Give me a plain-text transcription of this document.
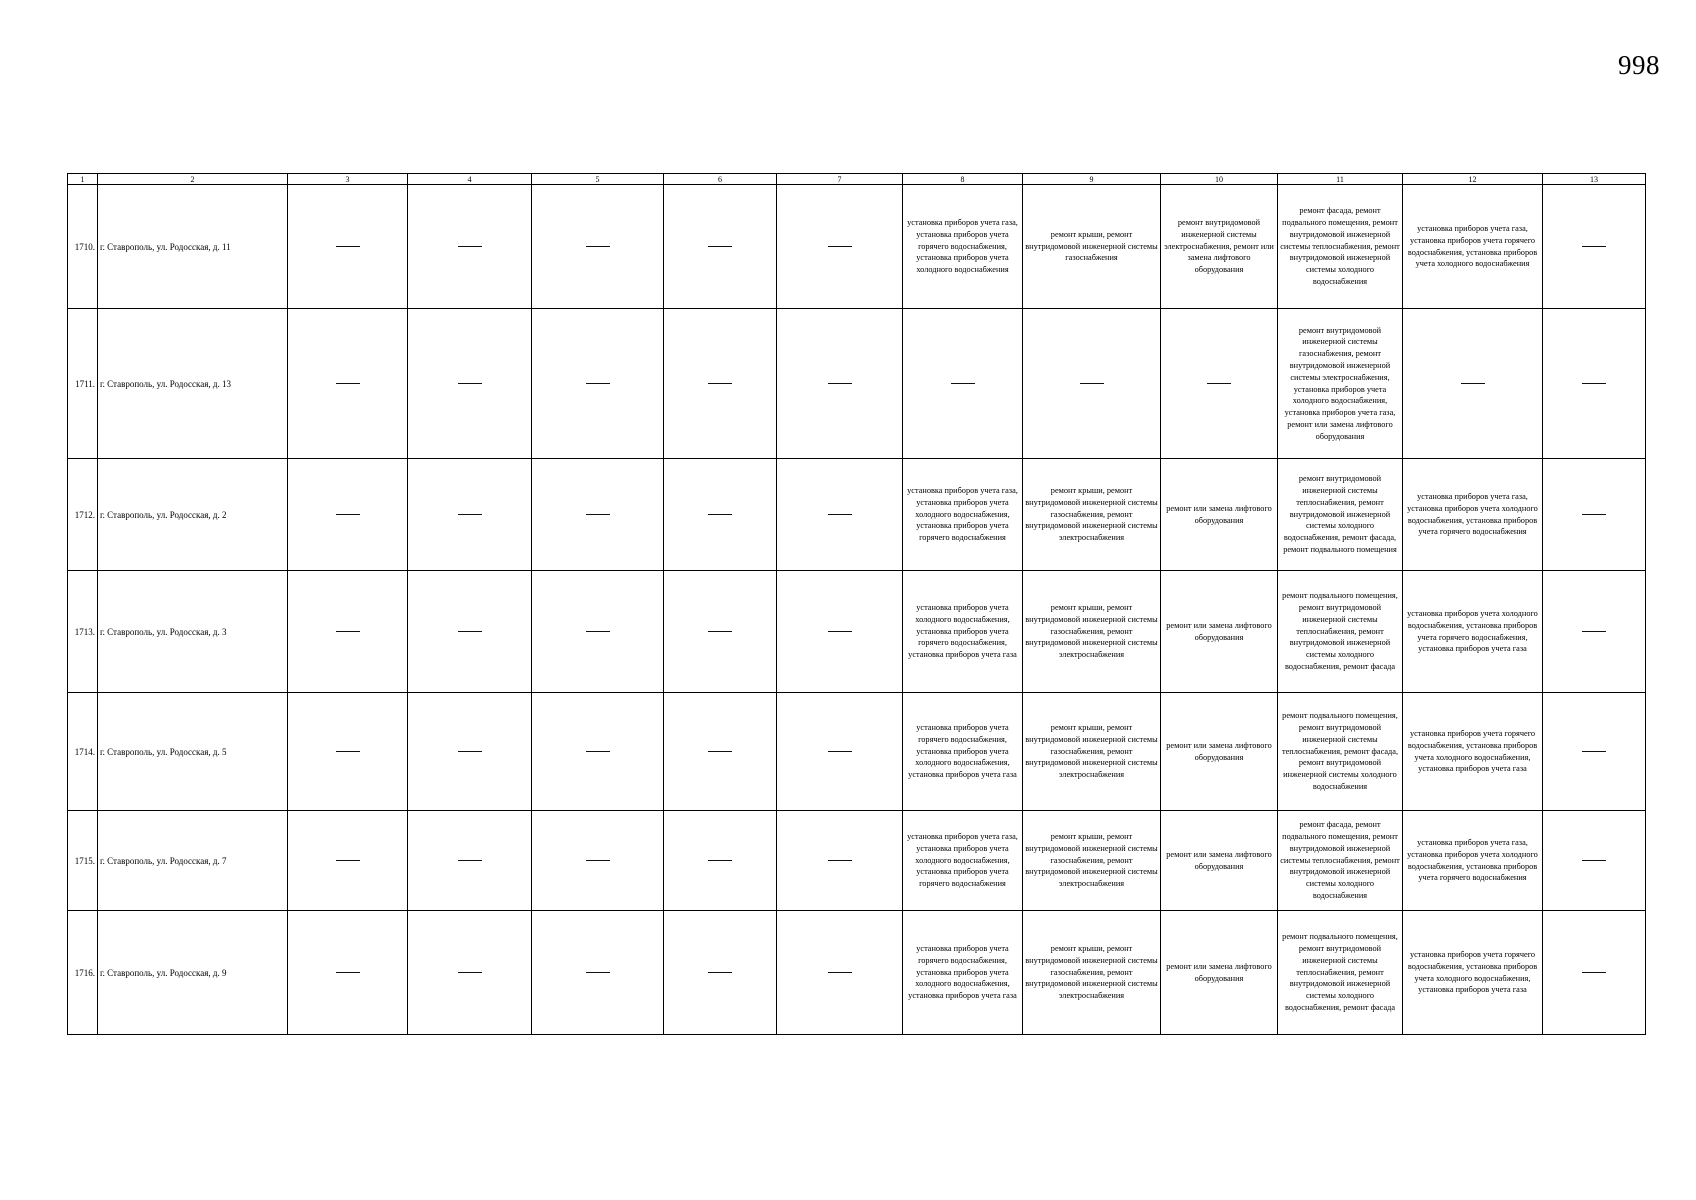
998
1	2	3	4	5	6	7	8	9	10	11	12	13
1710.	г. Ставрополь, ул. Родосская, д. 11						установка приборов учета газа, установка приборов учета горячего водоснабжения, установка приборов учета холодного водоснабжения	ремонт крыши, ремонт внутридомовой инженерной системы газоснабжения	ремонт внутридомовой инженерной системы электроснабжения, ремонт или замена лифтового оборудования	ремонт фасада, ремонт подвального помещения, ремонт внутридомовой инженерной системы теплоснабжения, ремонт внутридомовой инженерной системы холодного водоснабжения	установка приборов учета газа, установка приборов учета горячего водоснабжения, установка приборов учета холодного водоснабжения	
1711.	г. Ставрополь, ул. Родосская, д. 13									ремонт внутридомовой инженерной системы газоснабжения, ремонт внутридомовой инженерной системы электроснабжения, установка приборов учета холодного водоснабжения, установка приборов учета газа, ремонт или замена лифтового оборудования		
1712.	г. Ставрополь, ул. Родосская, д. 2						установка приборов учета газа, установка приборов учета холодного водоснабжения, установка приборов учета горячего водоснабжения	ремонт крыши, ремонт внутридомовой инженерной системы газоснабжения, ремонт внутридомовой инженерной системы электроснабжения	ремонт или замена лифтового оборудования	ремонт внутридомовой инженерной системы теплоснабжения, ремонт внутридомовой инженерной системы холодного водоснабжения, ремонт фасада, ремонт подвального помещения	установка приборов учета газа, установка приборов учета холодного водоснабжения, установка приборов учета горячего водоснабжения	
1713.	г. Ставрополь, ул. Родосская, д. 3						установка приборов учета холодного водоснабжения, установка приборов учета горячего водоснабжения, установка приборов учета газа	ремонт крыши, ремонт внутридомовой инженерной системы газоснабжения, ремонт внутридомовой инженерной системы электроснабжения	ремонт или замена лифтового оборудования	ремонт подвального помещения, ремонт внутридомовой инженерной системы теплоснабжения, ремонт внутридомовой инженерной системы холодного водоснабжения, ремонт фасада	установка приборов учета холодного водоснабжения, установка приборов учета горячего водоснабжения, установка приборов учета газа	
1714.	г. Ставрополь, ул. Родосская, д. 5						установка приборов учета горячего водоснабжения, установка приборов учета холодного водоснабжения, установка приборов учета газа	ремонт крыши, ремонт внутридомовой инженерной системы газоснабжения, ремонт внутридомовой инженерной системы электроснабжения	ремонт или замена лифтового оборудования	ремонт подвального помещения, ремонт внутридомовой инженерной системы теплоснабжения, ремонт фасада, ремонт внутридомовой инженерной системы холодного водоснабжения	установка приборов учета горячего водоснабжения, установка приборов учета холодного водоснабжения, установка приборов учета газа	
1715.	г. Ставрополь, ул. Родосская, д. 7						установка приборов учета газа, установка приборов учета холодного водоснабжения, установка приборов учета горячего водоснабжения	ремонт крыши, ремонт внутридомовой инженерной системы газоснабжения, ремонт внутридомовой инженерной системы электроснабжения	ремонт или замена лифтового оборудования	ремонт фасада, ремонт подвального помещения, ремонт внутридомовой инженерной системы теплоснабжения, ремонт внутридомовой инженерной системы холодного водоснабжения	установка приборов учета газа, установка приборов учета холодного водоснабжения, установка приборов учета горячего водоснабжения	
1716.	г. Ставрополь, ул. Родосская, д. 9						установка приборов учета горячего водоснабжения, установка приборов учета холодного водоснабжения, установка приборов учета газа	ремонт крыши, ремонт внутридомовой инженерной системы газоснабжения, ремонт внутридомовой инженерной системы электроснабжения	ремонт или замена лифтового оборудования	ремонт подвального помещения, ремонт внутридомовой инженерной системы теплоснабжения, ремонт внутридомовой инженерной системы холодного водоснабжения, ремонт фасада	установка приборов учета горячего водоснабжения, установка приборов учета холодного водоснабжения, установка приборов учета газа	
